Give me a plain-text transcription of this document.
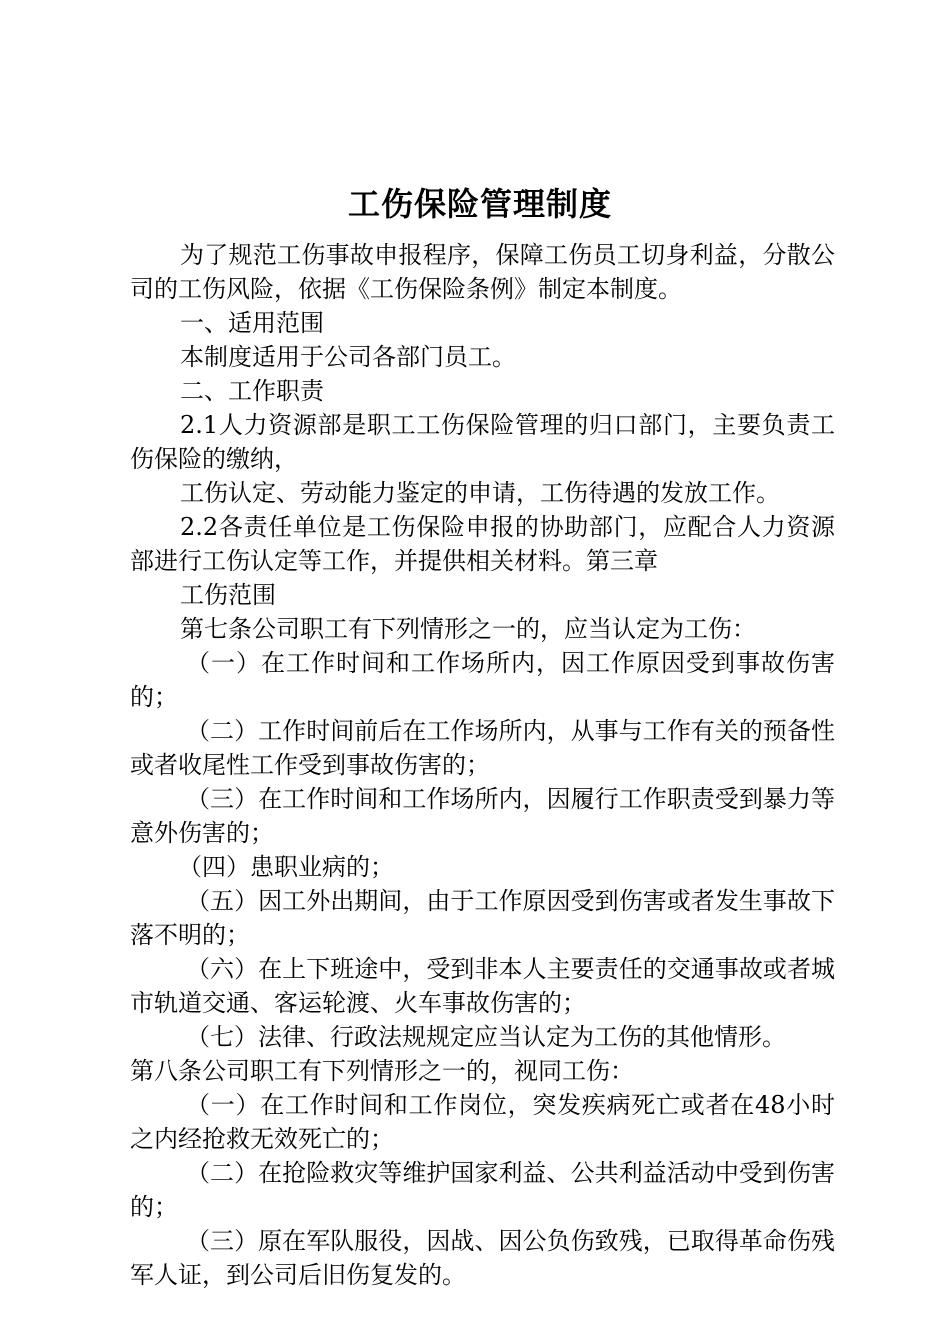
工伤保险管理制度

为了规范工伤事故申报程序，保障工伤员工切身利益，分散公司的工伤风险，依据《工伤保险条例》制定本制度。

一、适用范围

本制度适用于公司各部门员工。

二、工作职责

2.1人力资源部是职工工伤保险管理的归口部门，主要负责工伤保险的缴纳，

工伤认定、劳动能力鉴定的申请，工伤待遇的发放工作。

2.2各责任单位是工伤保险申报的协助部门，应配合人力资源部进行工伤认定等工作，并提供相关材料。第三章

工伤范围

第七条公司职工有下列情形之一的，应当认定为工伤：

（一）在工作时间和工作场所内，因工作原因受到事故伤害的；

（二）工作时间前后在工作场所内，从事与工作有关的预备性或者收尾性工作受到事故伤害的；

（三）在工作时间和工作场所内，因履行工作职责受到暴力等意外伤害的；

（四）患职业病的；

（五）因工外出期间，由于工作原因受到伤害或者发生事故下落不明的；

（六）在上下班途中，受到非本人主要责任的交通事故或者城市轨道交通、客运轮渡、火车事故伤害的；

（七）法律、行政法规规定应当认定为工伤的其他情形。

第八条公司职工有下列情形之一的，视同工伤：

（一）在工作时间和工作岗位，突发疾病死亡或者在48小时之内经抢救无效死亡的；

（二）在抢险救灾等维护国家利益、公共利益活动中受到伤害的；

（三）原在军队服役，因战、因公负伤致残，已取得革命伤残军人证，到公司后旧伤复发的。
